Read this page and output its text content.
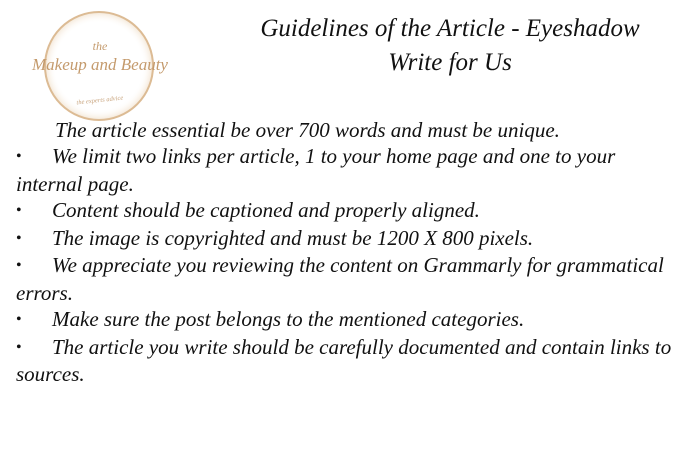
the
Makeup and Beauty
the experts advice
Guidelines of the Article - Eyeshadow
Write for Us

The article essential be over 700 words and must be unique.

• We limit two links per article, 1 to your home page and one to your internal page.
• Content should be captioned and properly aligned.
• The image is copyrighted and must be 1200 X 800 pixels.
• We appreciate you reviewing the content on Grammarly for grammatical errors.
• Make sure the post belongs to the mentioned categories.
• The article you write should be carefully documented and contain links to sources.
